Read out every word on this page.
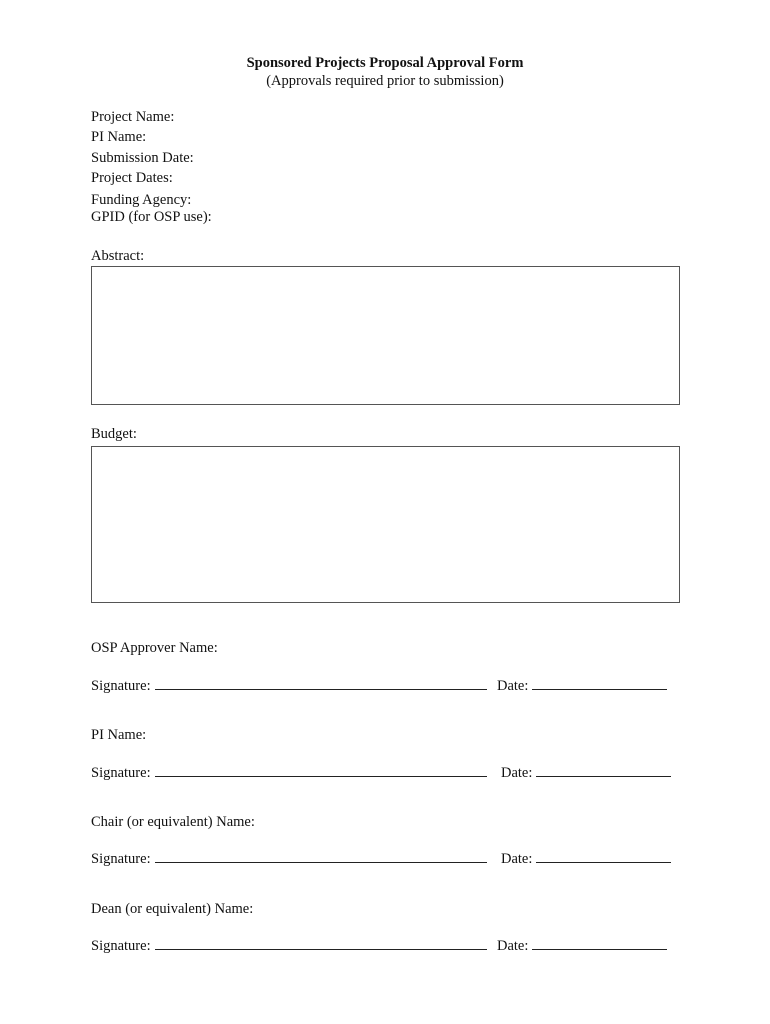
Sponsored Projects Proposal Approval Form
(Approvals required prior to submission)
Project Name:
PI Name:
Submission Date:
Project Dates:
Funding Agency:
GPID (for OSP use):
Abstract:
Budget:
OSP Approver Name:
Signature:	Date:
PI Name:
Signature:	Date:
Chair (or equivalent) Name:
Signature:	Date:
Dean (or equivalent) Name:
Signature:	Date:
